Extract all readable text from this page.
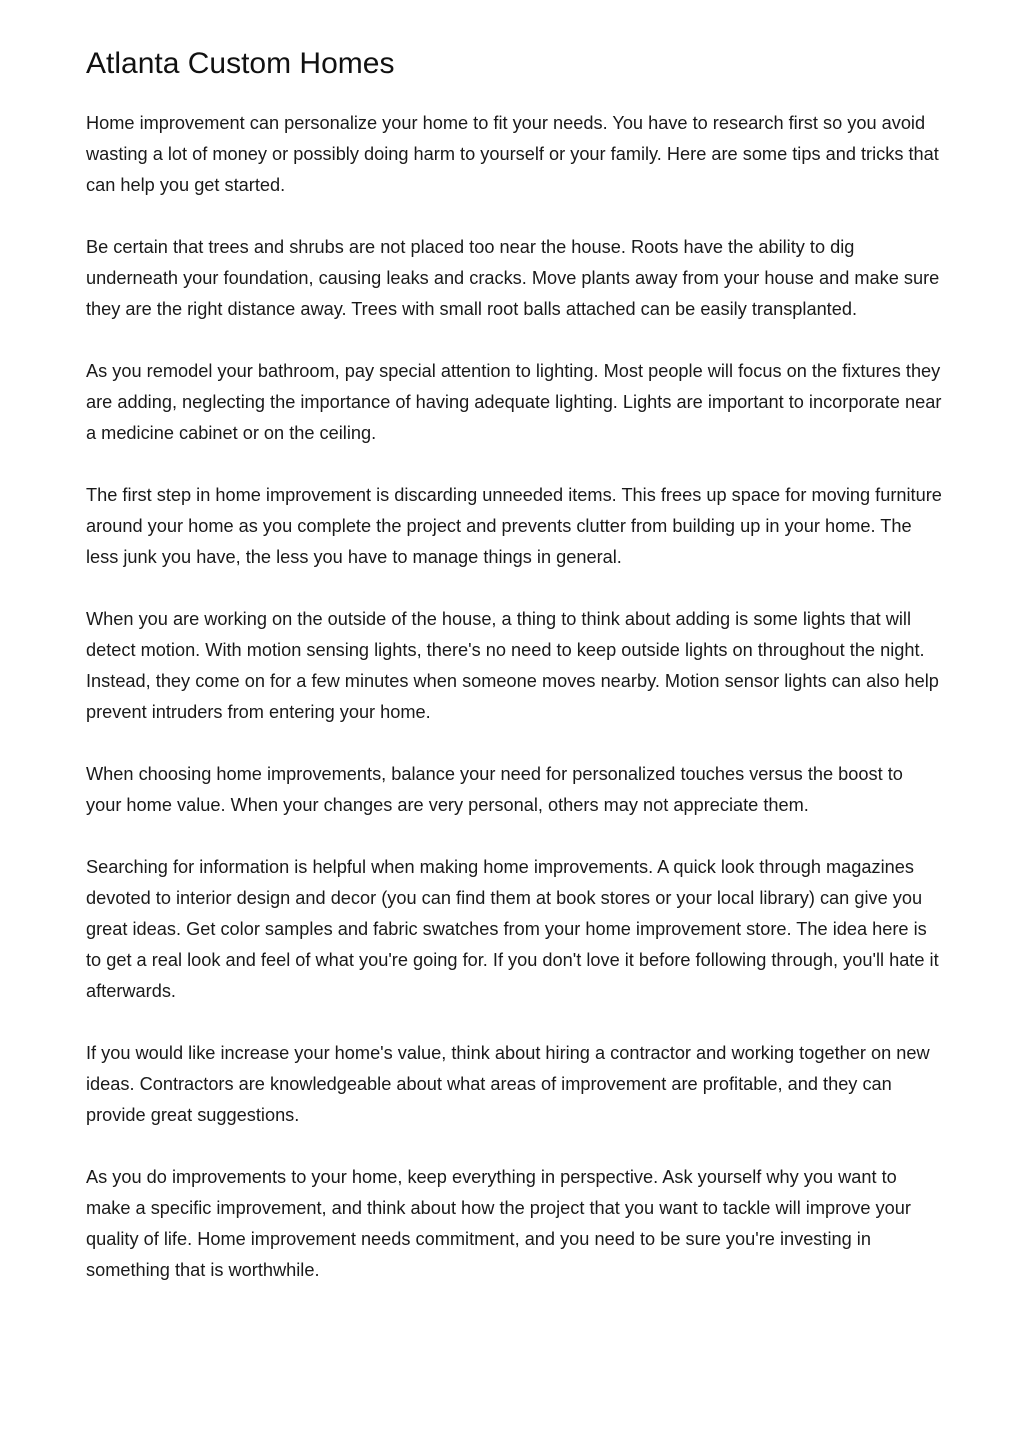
Atlanta Custom Homes

Home improvement can personalize your home to fit your needs. You have to research first so you avoid wasting a lot of money or possibly doing harm to yourself or your family. Here are some tips and tricks that can help you get started.

Be certain that trees and shrubs are not placed too near the house. Roots have the ability to dig underneath your foundation, causing leaks and cracks. Move plants away from your house and make sure they are the right distance away. Trees with small root balls attached can be easily transplanted.

As you remodel your bathroom, pay special attention to lighting. Most people will focus on the fixtures they are adding, neglecting the importance of having adequate lighting. Lights are important to incorporate near a medicine cabinet or on the ceiling.

The first step in home improvement is discarding unneeded items. This frees up space for moving furniture around your home as you complete the project and prevents clutter from building up in your home. The less junk you have, the less you have to manage things in general.

When you are working on the outside of the house, a thing to think about adding is some lights that will detect motion. With motion sensing lights, there's no need to keep outside lights on throughout the night. Instead, they come on for a few minutes when someone moves nearby. Motion sensor lights can also help prevent intruders from entering your home.

When choosing home improvements, balance your need for personalized touches versus the boost to your home value. When your changes are very personal, others may not appreciate them.

Searching for information is helpful when making home improvements. A quick look through magazines devoted to interior design and decor (you can find them at book stores or your local library) can give you great ideas. Get color samples and fabric swatches from your home improvement store. The idea here is to get a real look and feel of what you're going for. If you don't love it before following through, you'll hate it afterwards.

If you would like increase your home's value, think about hiring a contractor and working together on new ideas. Contractors are knowledgeable about what areas of improvement are profitable, and they can provide great suggestions.

As you do improvements to your home, keep everything in perspective. Ask yourself why you want to make a specific improvement, and think about how the project that you want to tackle will improve your quality of life. Home improvement needs commitment, and you need to be sure you're investing in something that is worthwhile.
